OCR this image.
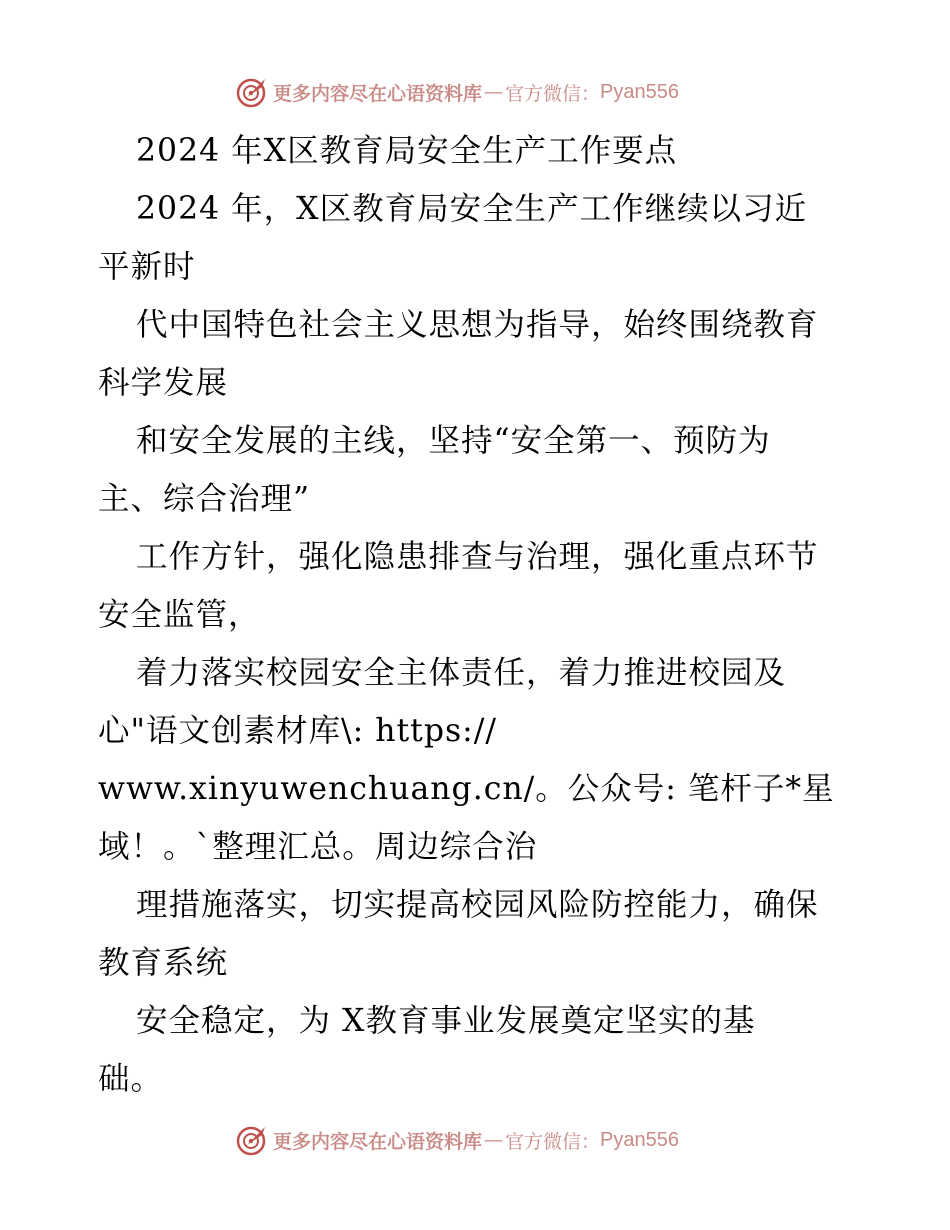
更多内容尽在心语资料库 — 官方微信： Pyan556
2024 年X区教育局安全生产工作要点
2024 年，X区教育局安全生产工作继续以习近
平新时
代中国特色社会主义思想为指导，始终围绕教育
科学发展
和安全发展的主线，坚持“安全第一、预防为
主、综合治理”
工作方针，强化隐患排查与治理，强化重点环节
安全监管，
着力落实校园安全主体责任，着力推进校园及
心"语文创素材库\: https://
www.xinyuwenchuang.cn/。公众号: 笔杆子*星
域！。`整理汇总。周边综合治
理措施落实，切实提高校园风险防控能力，确保
教育系统
安全稳定，为 X教育事业发展奠定坚实的基
础。
更多内容尽在心语资料库 — 官方微信： Pyan556
